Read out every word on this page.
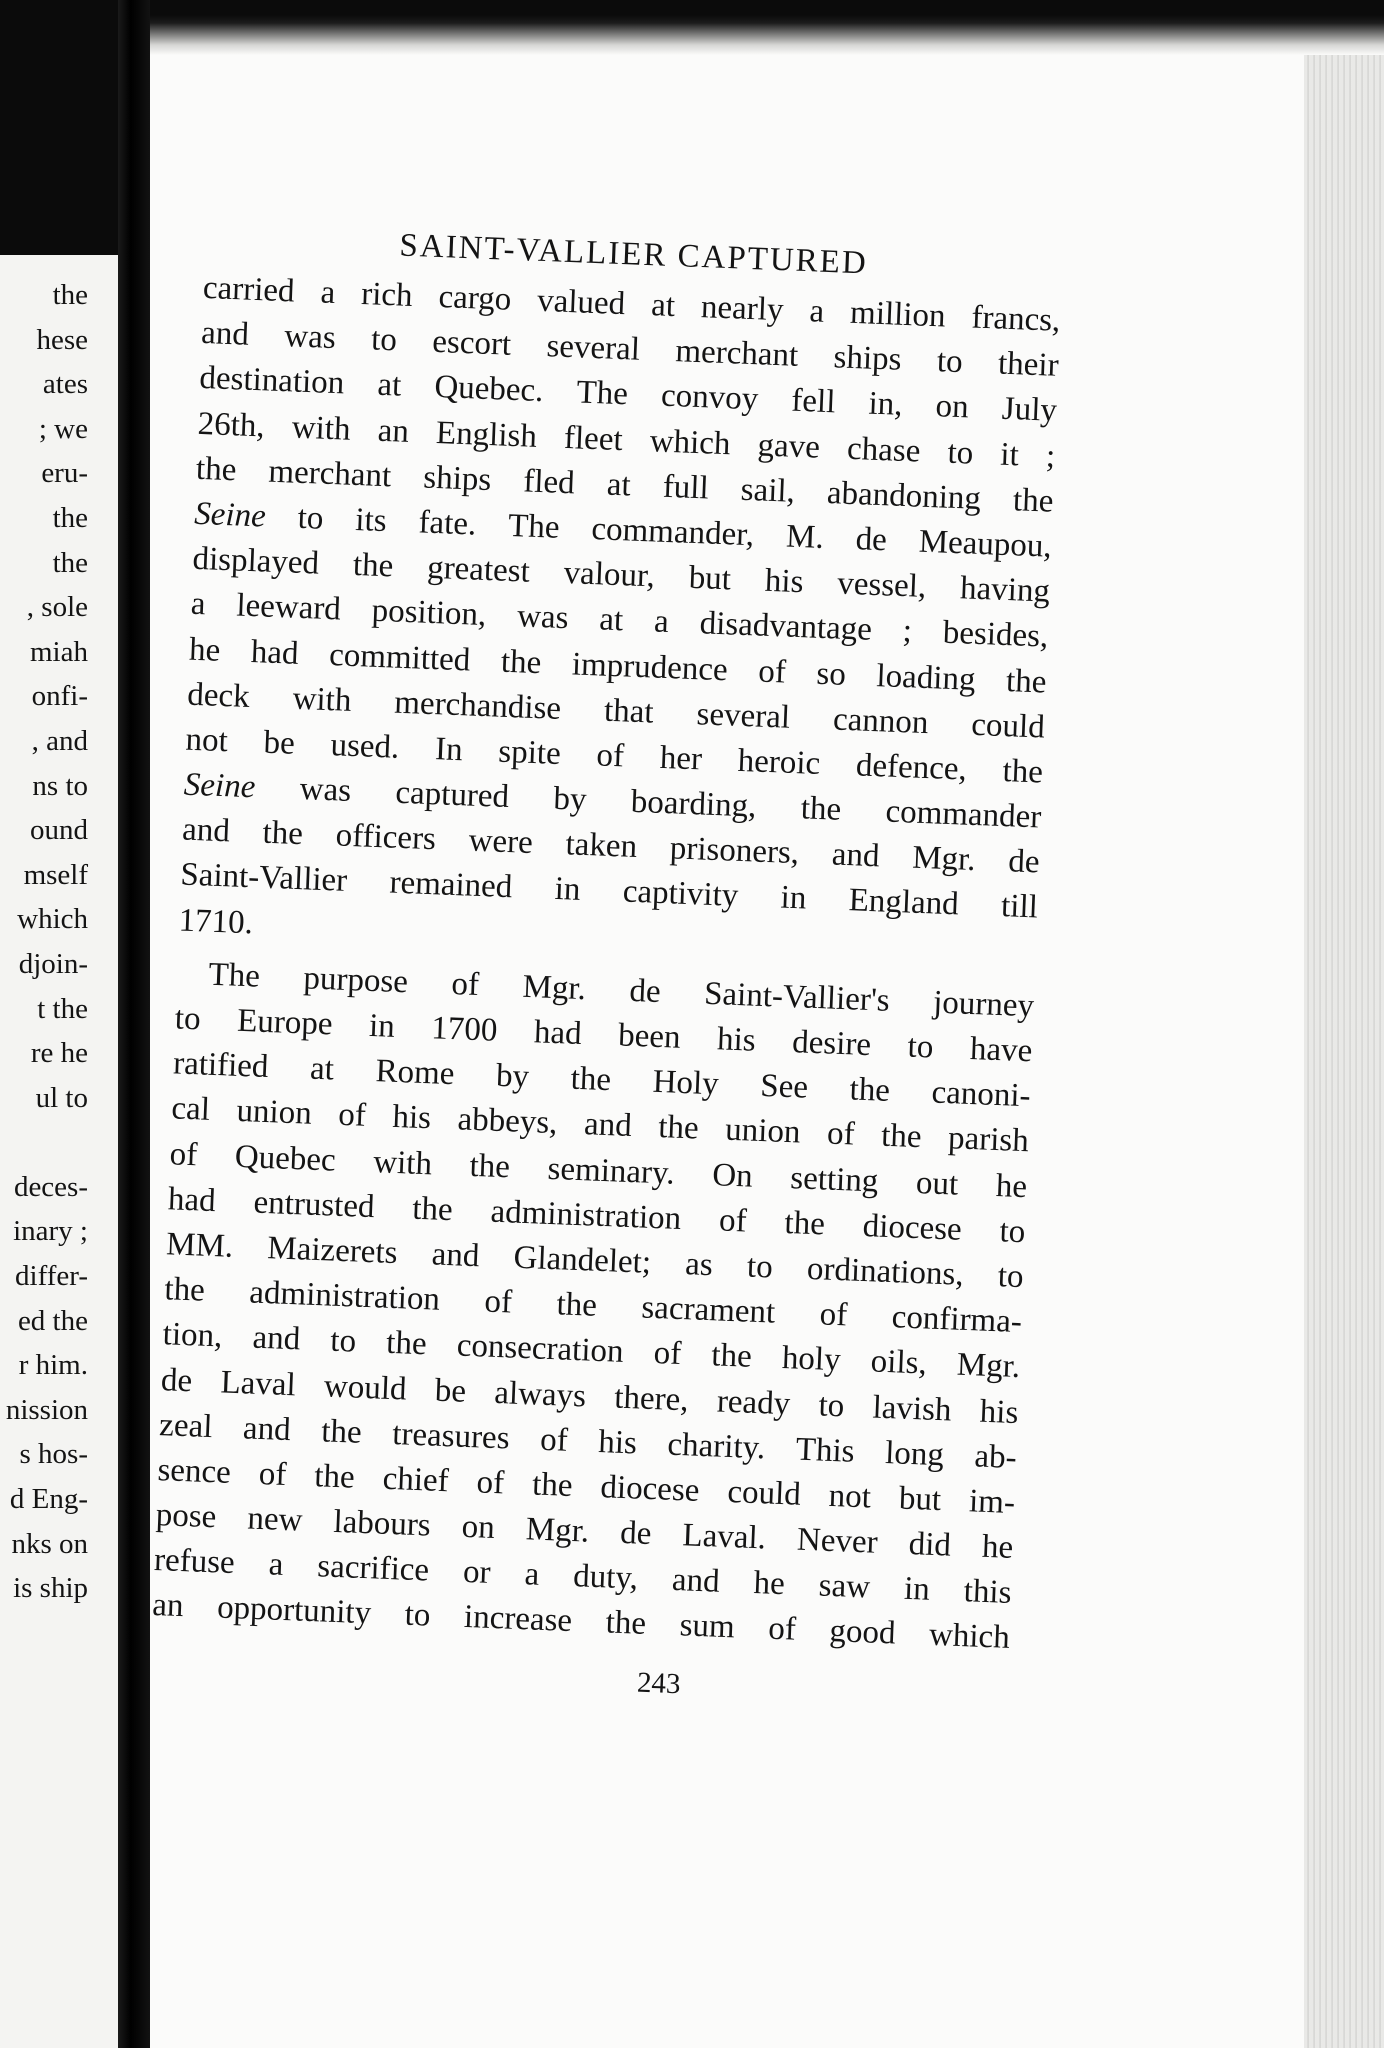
the
hese
ates
; we
eru-
the
the
, sole
miah
onfi-
, and
ns to
ound
mself
which
djoin-
t the
re he
ul to
deces-
inary ;
differ-
ed the
r him.
nission
s hos-
d Eng-
nks on
is ship
SAINT-VALLIER CAPTURED
carried a rich cargo valued at nearly a million francs,
and was to escort several merchant ships to their
destination at Quebec. The convoy fell in, on July
26th, with an English fleet which gave chase to it ;
the merchant ships fled at full sail, abandoning the
Seine to its fate. The commander, M. de Meaupou,
displayed the greatest valour, but his vessel, having
a leeward position, was at a disadvantage ; besides,
he had committed the imprudence of so loading the
deck with merchandise that several cannon could
not be used. In spite of her heroic defence, the
Seine was captured by boarding, the commander
and the officers were taken prisoners, and Mgr. de
Saint-Vallier remained in captivity in England till
1710.
The purpose of Mgr. de Saint-Vallier's journey
to Europe in 1700 had been his desire to have
ratified at Rome by the Holy See the canoni-
cal union of his abbeys, and the union of the parish
of Quebec with the seminary. On setting out he
had entrusted the administration of the diocese to
MM. Maizerets and Glandelet; as to ordinations, to
the administration of the sacrament of confirma-
tion, and to the consecration of the holy oils, Mgr.
de Laval would be always there, ready to lavish his
zeal and the treasures of his charity. This long ab-
sence of the chief of the diocese could not but im-
pose new labours on Mgr. de Laval. Never did he
refuse a sacrifice or a duty, and he saw in this
an opportunity to increase the sum of good which
243
